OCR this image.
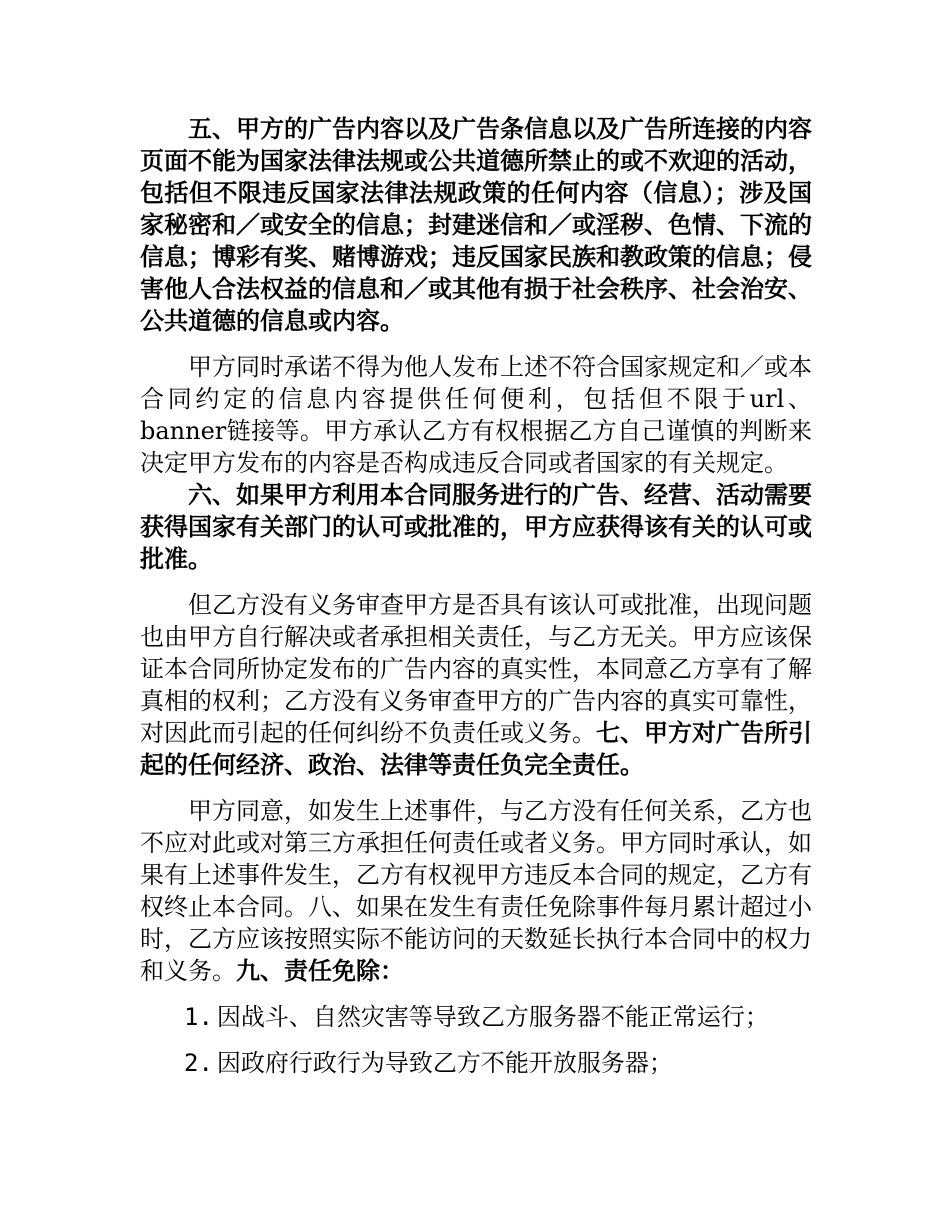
五、甲方的广告内容以及广告条信息以及广告所连接的内容页面不能为国家法律法规或公共道德所禁止的或不欢迎的活动，包括但不限违反国家法律法规政策的任何内容（信息）；涉及国家秘密和／或安全的信息；封建迷信和／或淫秽、色情、下流的信息；博彩有奖、赌博游戏；违反国家民族和教政策的信息；侵害他人合法权益的信息和／或其他有损于社会秩序、社会治安、公共道德的信息或内容。

甲方同时承诺不得为他人发布上述不符合国家规定和／或本合同约定的信息内容提供任何便利，包括但不限于url、banner链接等。甲方承认乙方有权根据乙方自己谨慎的判断来决定甲方发布的内容是否构成违反合同或者国家的有关规定。

六、如果甲方利用本合同服务进行的广告、经营、活动需要获得国家有关部门的认可或批准的，甲方应获得该有关的认可或批准。

但乙方没有义务审查甲方是否具有该认可或批准，出现问题也由甲方自行解决或者承担相关责任，与乙方无关。甲方应该保证本合同所协定发布的广告内容的真实性，本同意乙方享有了解真相的权利；乙方没有义务审查甲方的广告内容的真实可靠性，对因此而引起的任何纠纷不负责任或义务。七、甲方对广告所引起的任何经济、政治、法律等责任负完全责任。

甲方同意，如发生上述事件，与乙方没有任何关系，乙方也不应对此或对第三方承担任何责任或者义务。甲方同时承认，如果有上述事件发生，乙方有权视甲方违反本合同的规定，乙方有权终止本合同。八、如果在发生有责任免除事件每月累计超过小时，乙方应该按照实际不能访问的天数延长执行本合同中的权力和义务。九、责任免除：

1. 因战斗、自然灾害等导致乙方服务器不能正常运行；

2. 因政府行政行为导致乙方不能开放服务器；
